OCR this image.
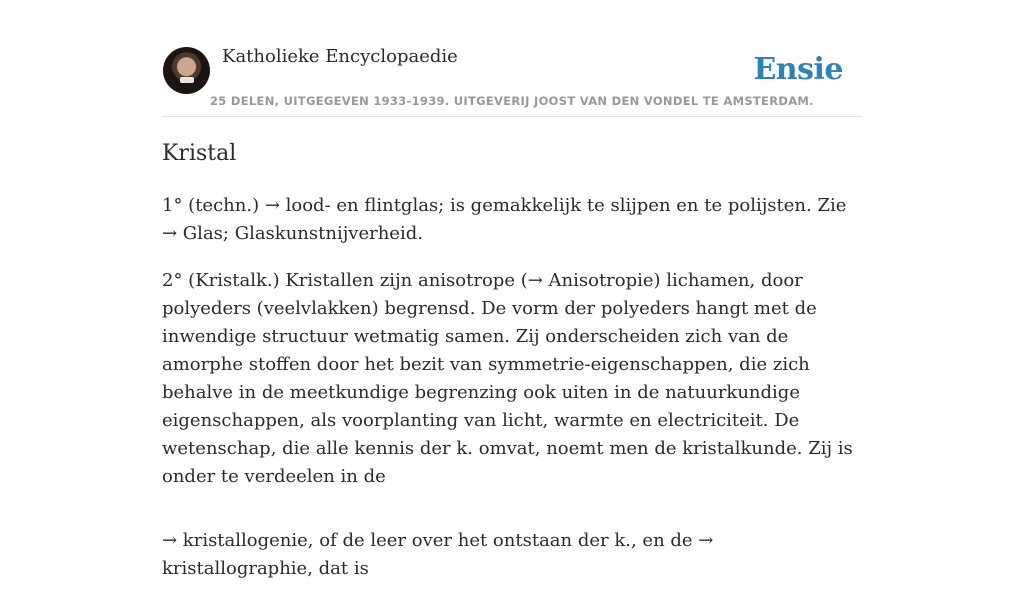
Katholieke Encyclopaedie	Ensie
25 DELEN, UITGEGEVEN 1933-1939. UITGEVERIJ JOOST VAN DEN VONDEL TE AMSTERDAM.
Kristal

1° (techn.) → lood- en flintglas; is gemakkelijk te slijpen en te polijsten. Zie → Glas; Glaskunstnijverheid.

2° (Kristalk.) Kristallen zijn anisotrope (→ Anisotropie) lichamen, door polyeders (veelvlakken) begrensd. De vorm der polyeders hangt met de inwendige structuur wetmatig samen. Zij onderscheiden zich van de amorphe stoffen door het bezit van symmetrie-eigenschappen, die zich behalve in de meetkundige begrenzing ook uiten in de natuurkundige eigenschappen, als voorplanting van licht, warmte en electriciteit. De wetenschap, die alle kennis der k. omvat, noemt men de kristalkunde. Zij is onder te verdeelen in de

→ kristallogenie, of de leer over het ontstaan der k., en de → kristallographie, dat is
